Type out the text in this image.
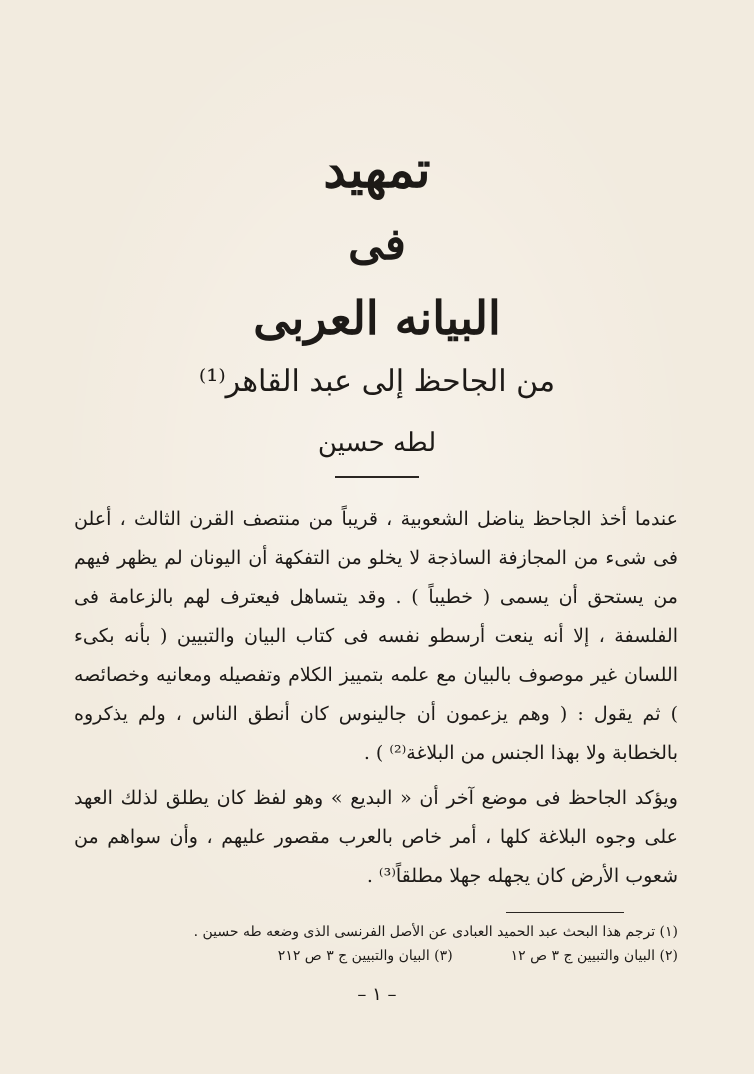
تمهيد
فى
البيانه العربى
من الجاحظ إلى عبد القاهر⁽¹⁾
لطه حسين

عندما أخذ الجاحظ يناضل الشعوبية ، قريباً من منتصف القرن الثالث ، أعلن فى شىء من المجازفة الساذجة لا يخلو من التفكهة أن اليونان لم يظهر فيهم من يستحق أن يسمى ( خطيباً ) . وقد يتساهل فيعترف لهم بالزعامة فى الفلسفة ، إلا أنه ينعت أرسطو نفسه فى كتاب البيان والتبيين ( بأنه بكىء اللسان غير موصوف بالبيان مع علمه بتمييز الكلام وتفصيله ومعانيه وخصائصه ) ثم يقول : ( وهم يزعمون أن جالينوس كان أنطق الناس ، ولم يذكروه بالخطابة ولا بهذا الجنس من البلاغة⁽²⁾ ) .

ويؤكد الجاحظ فى موضع آخر أن « البديع » وهو لفظ كان يطلق لذلك العهد على وجوه البلاغة كلها ، أمر خاص بالعرب مقصور عليهم ، وأن سواهم من شعوب الأرض كان يجهله جهلا مطلقاً⁽³⁾ .

(١) ترجم هذا البحث عبد الحميد العبادى عن الأصل الفرنسى الذى وضعه طه حسين .
(٢) البيان والتبيين ج ٣ ص ١٢
(٣) البيان والتبيين ج ٣ ص ٢١٢
– ١ –
